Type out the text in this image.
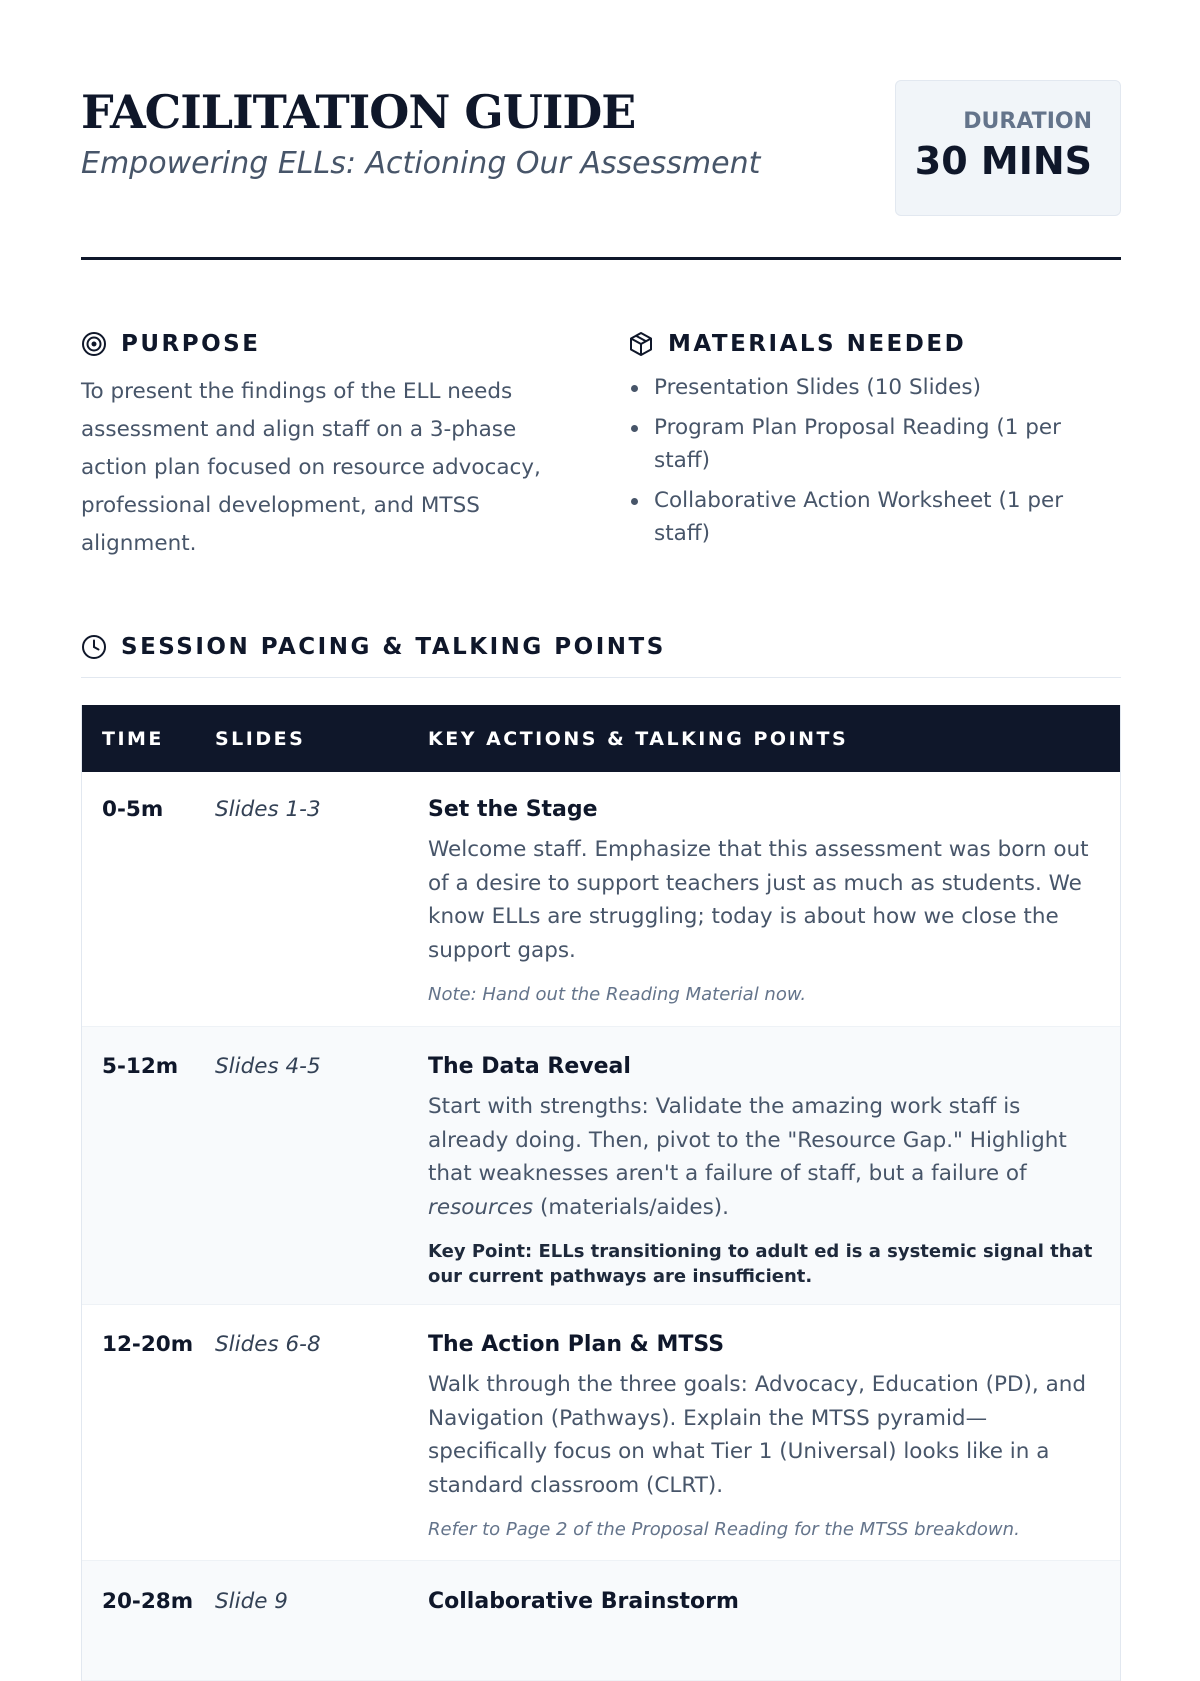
FACILITATION GUIDE

Empowering ELLs: Actioning Our Assessment

DURATION
30 MINS
PURPOSE

To present the findings of the ELL needs assessment and align staff on a 3-phase action plan focused on resource advocacy, professional development, and MTSS alignment.

MATERIALS NEEDED
Presentation Slides (10 Slides)
Program Plan Proposal Reading (1 per staff)
Collaborative Action Worksheet (1 per staff)
SESSION PACING & TALKING POINTS
TIME	SLIDES	KEY ACTIONS & TALKING POINTS
0-5m	Slides 1-3	Set the Stage

Welcome staff. Emphasize that this assessment was born out of a desire to support teachers just as much as students. We know ELLs are struggling; today is about how we close the support gaps.

Note: Hand out the Reading Material now.

5-12m	Slides 4-5	The Data Reveal

Start with strengths: Validate the amazing work staff is already doing. Then, pivot to the "Resource Gap." Highlight that weaknesses aren't a failure of staff, but a failure of resources (materials/aides).

Key Point: ELLs transitioning to adult ed is a systemic signal that our current pathways are insufficient.

12-20m	Slides 6-8	The Action Plan & MTSS

Walk through the three goals: Advocacy, Education (PD), and Navigation (Pathways). Explain the MTSS pyramid—specifically focus on what Tier 1 (Universal) looks like in a standard classroom (CLRT).

Refer to Page 2 of the Proposal Reading for the MTSS breakdown.

20-28m	Slide 9	Collaborative Brainstorm
